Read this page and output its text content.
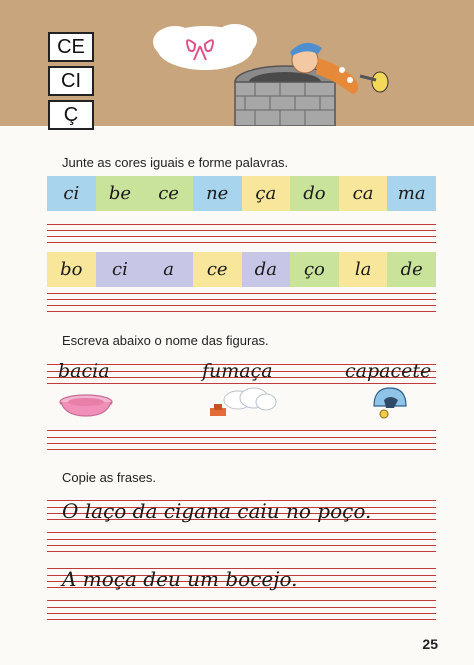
CE
CI
Ç
Junte as cores iguais e forme palavras.
ci	be	ce	ne	ça	do	ca	ma
bo	ci	a	ce	da	ço	la	de
Escreva abaixo o nome das figuras.
bacia	fumaça	capacete
Copie as frases.
O laço da cigana caiu no poço.
A moça deu um bocejo.
25
